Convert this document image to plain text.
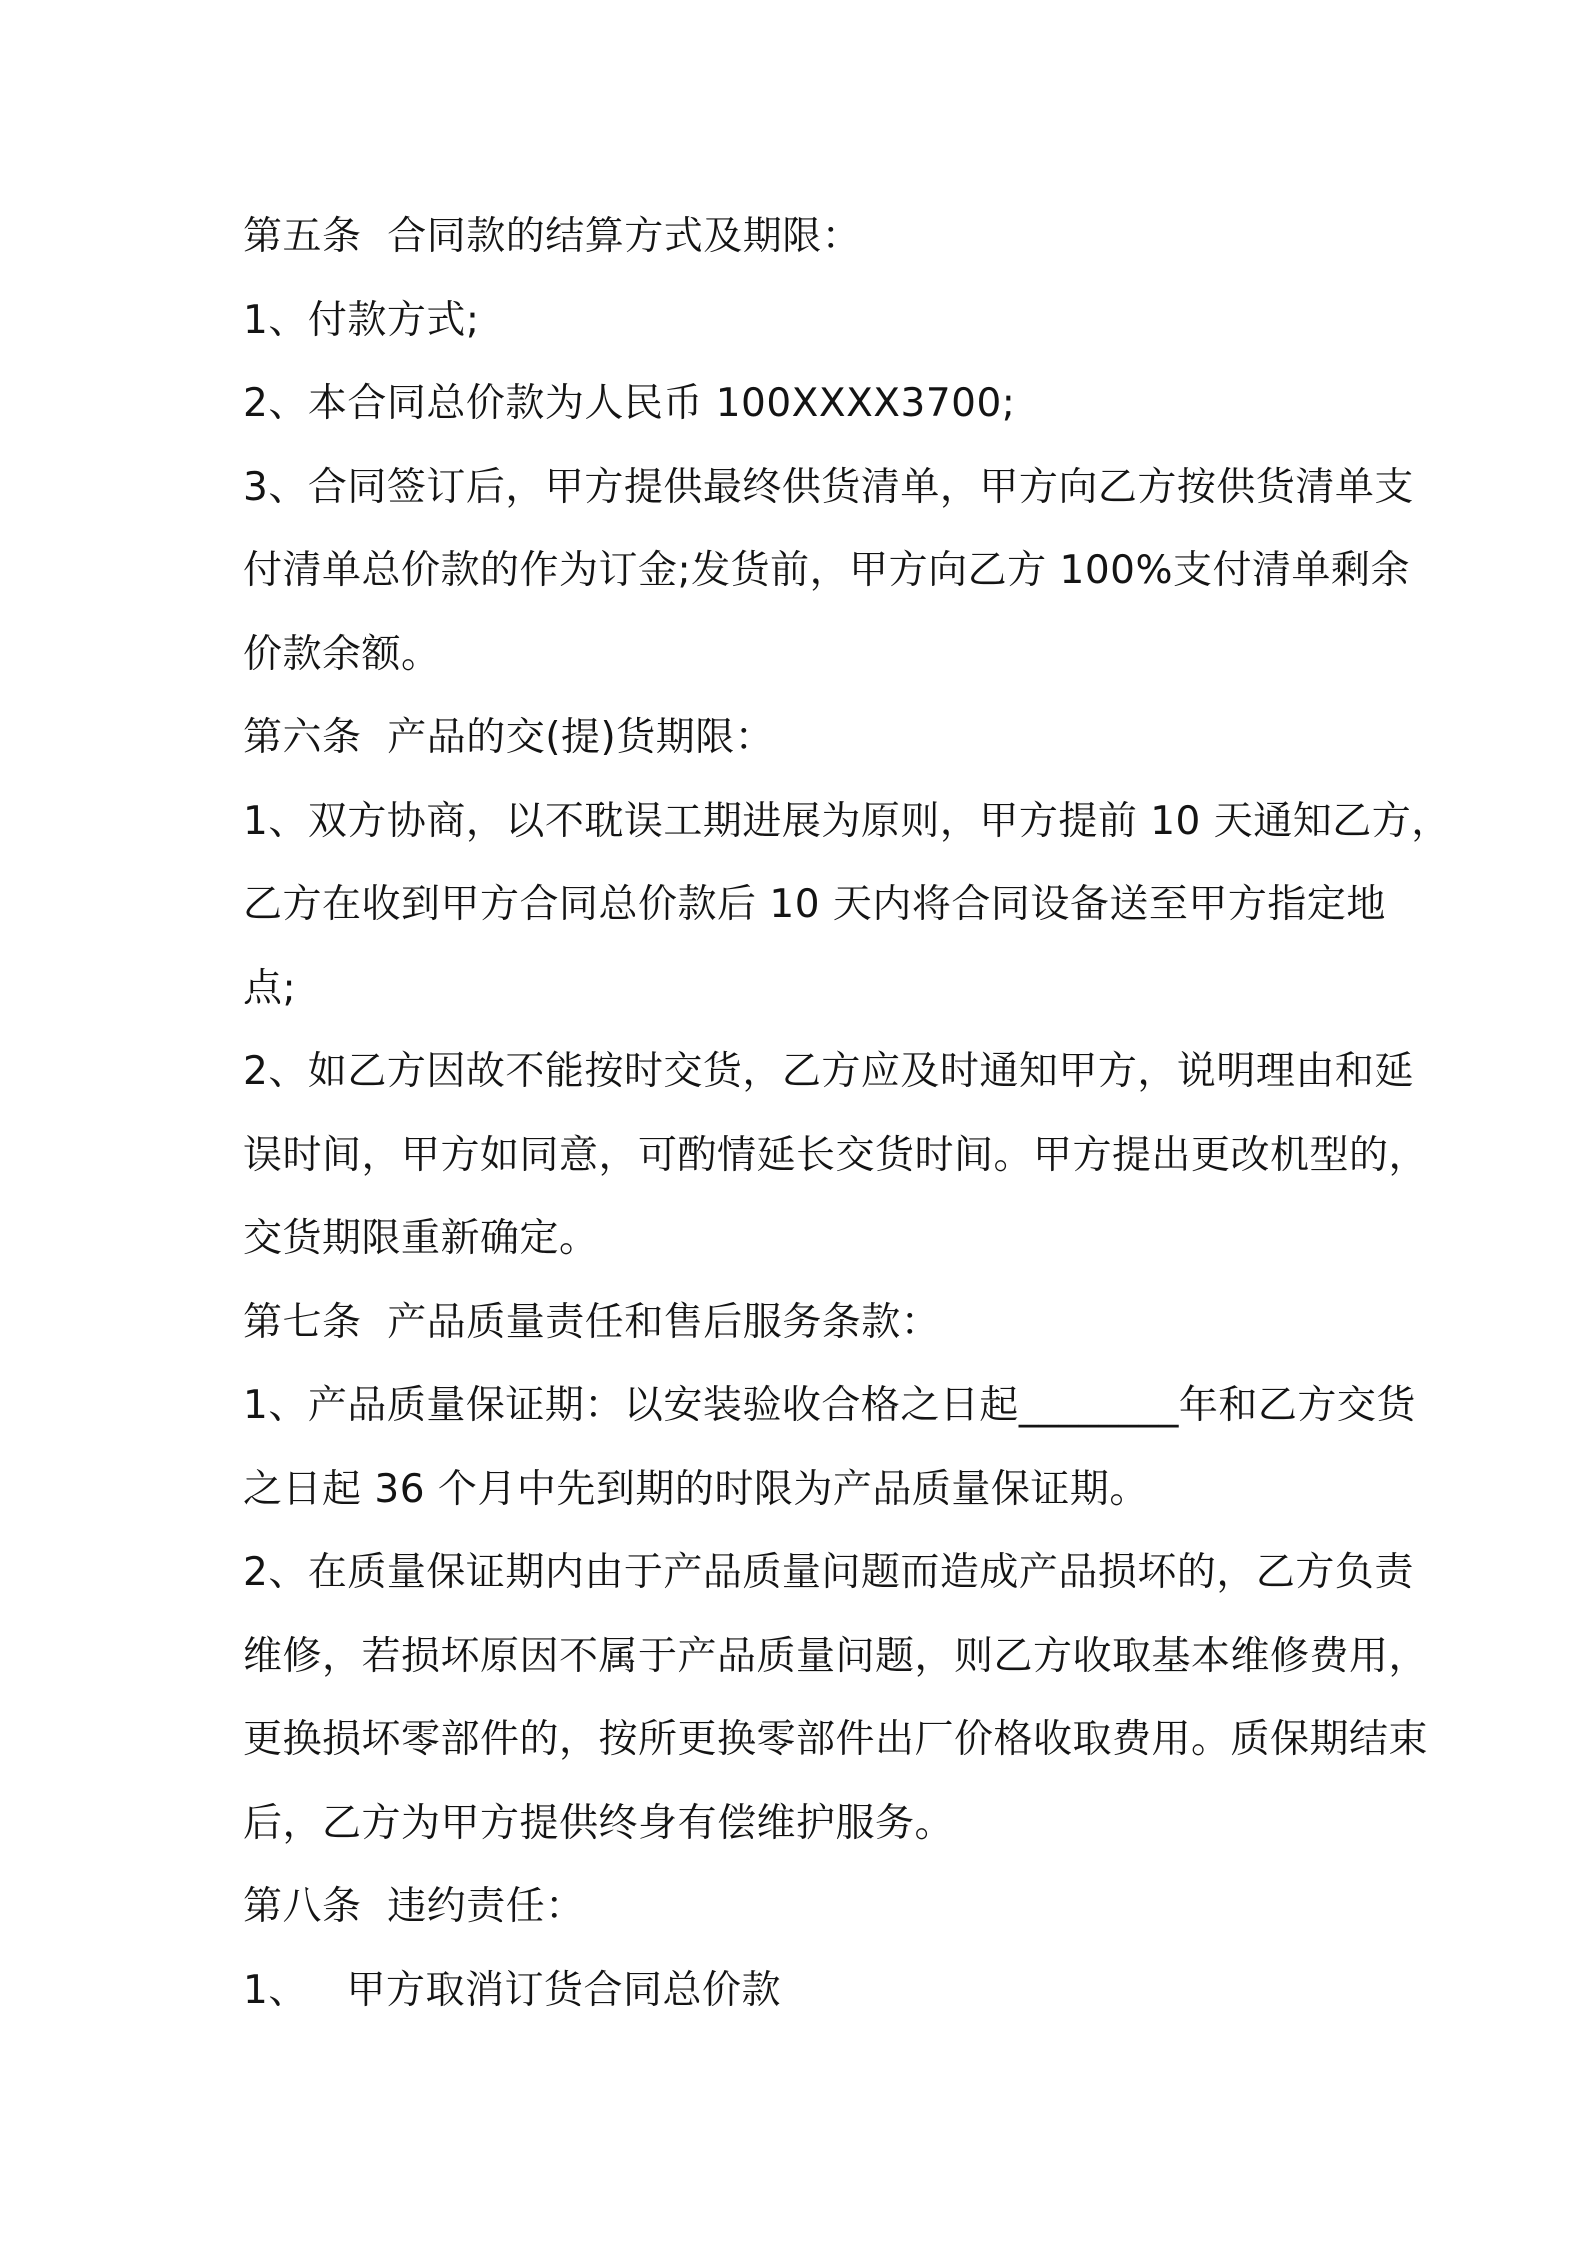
第五条  合同款的结算方式及期限：
1、付款方式;
2、本合同总价款为人民币 100XXXX3700;
3、合同签订后，甲方提供最终供货清单，甲方向乙方按供货清单支
付清单总价款的作为订金;发货前，甲方向乙方 100%支付清单剩余
价款余额。
第六条  产品的交(提)货期限：
1、双方协商，以不耽误工期进展为原则，甲方提前 10 天通知乙方，
乙方在收到甲方合同总价款后 10 天内将合同设备送至甲方指定地
点;
2、如乙方因故不能按时交货，乙方应及时通知甲方，说明理由和延
误时间，甲方如同意，可酌情延长交货时间。甲方提出更改机型的，
交货期限重新确定。
第七条  产品质量责任和售后服务条款：
1、产品质量保证期：以安装验收合格之日起________年和乙方交货
之日起 36 个月中先到期的时限为产品质量保证期。
2、在质量保证期内由于产品质量问题而造成产品损坏的，乙方负责
维修，若损坏原因不属于产品质量问题，则乙方收取基本维修费用，
更换损坏零部件的，按所更换零部件出厂价格收取费用。质保期结束
后，乙方为甲方提供终身有偿维护服务。
第八条  违约责任：
1、   甲方取消订货合同总价款
